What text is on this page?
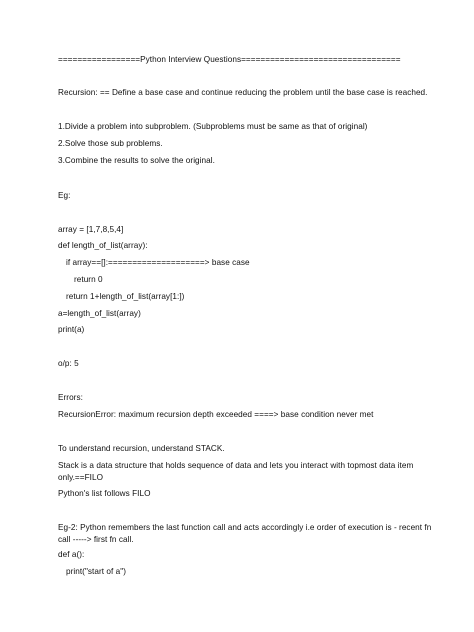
=================Python Interview Questions=================================
Recursion: == Define a base case and continue reducing the problem until the base case is reached.
1.Divide a problem into subproblem. (Subproblems must be same as that of original)
2.Solve those sub problems.
3.Combine the results to solve the original.
Eg:
array = [1,7,8,5,4]
def length_of_list(array):
if array==[]:====================> base case
return 0
return 1+length_of_list(array[1:])
a=length_of_list(array)
print(a)
o/p: 5
Errors:
RecursionError: maximum recursion depth exceeded ====> base condition never met
To understand recursion, understand STACK.
Stack is a data structure that holds sequence of data and lets you interact with topmost data item only.==FILO
Python's list follows FILO
Eg-2: Python remembers the last function call and acts accordingly i.e order of execution is - recent fn call -----> first fn call.
def a():
print("start of a")
